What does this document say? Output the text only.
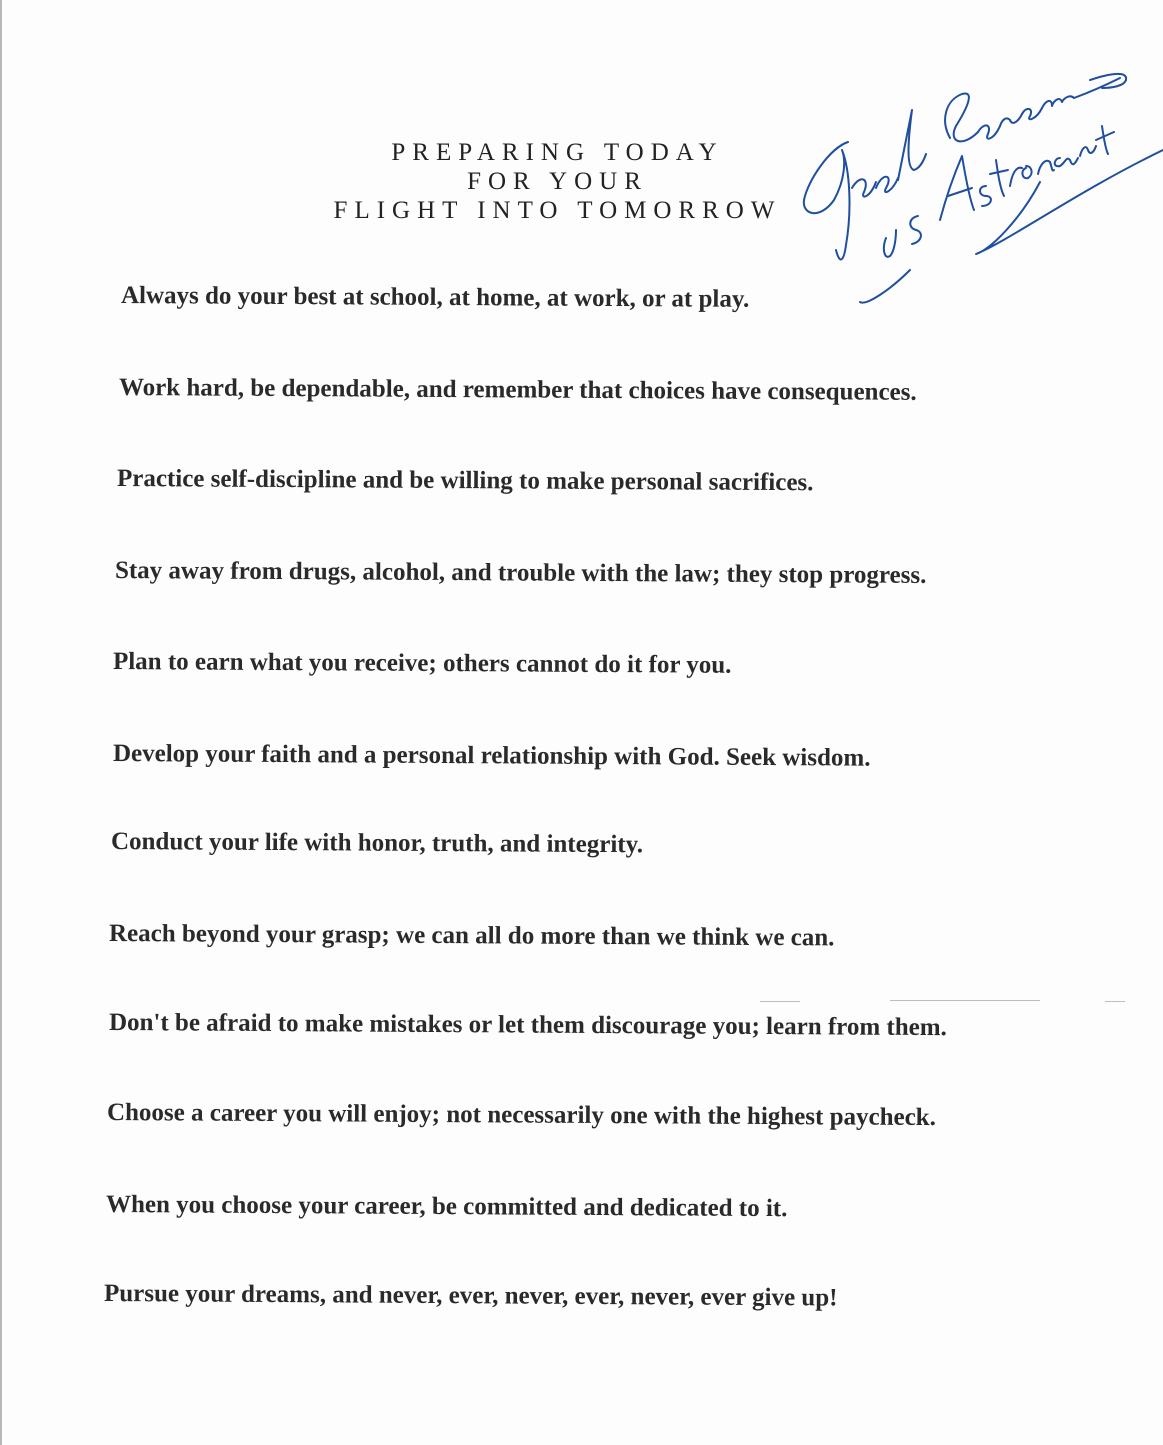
PREPARING TODAY
FOR YOUR
FLIGHT INTO TOMORROW
Always do your best at school, at home, at work, or at play.
Work hard, be dependable, and remember that choices have consequences.
Practice self-discipline and be willing to make personal sacrifices.
Stay away from drugs, alcohol, and trouble with the law; they stop progress.
Plan to earn what you receive; others cannot do it for you.
Develop your faith and a personal relationship with God. Seek wisdom.
Conduct your life with honor, truth, and integrity.
Reach beyond your grasp; we can all do more than we think we can.
Don't be afraid to make mistakes or let them discourage you; learn from them.
Choose a career you will enjoy; not necessarily one with the highest paycheck.
When you choose your career, be committed and dedicated to it.
Pursue your dreams, and never, ever, never, ever, never, ever give up!
